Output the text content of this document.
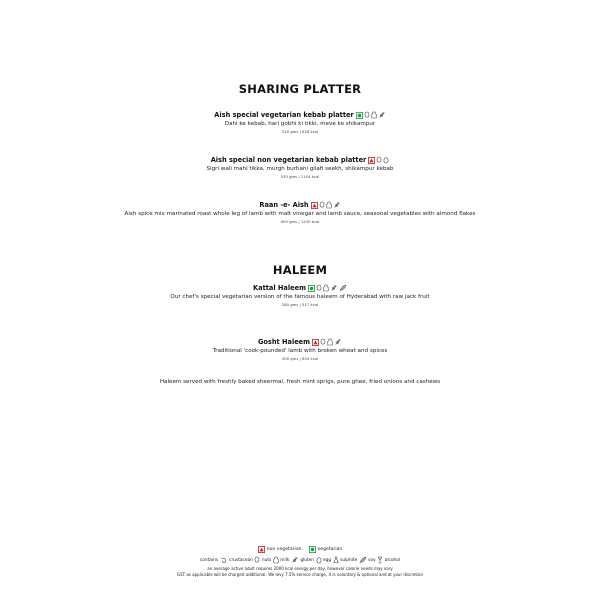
SHARING PLATTER
Aish special vegetarian kebab platter
Dahi ke kebab, hari gobhi ki tikki, meve ke shikampur
520 gms | 626 kcal
Aish special non vegetarian kebab platter
Sigri wali mahi tikka, murgh burhani gilafi seekh, shikampur kebab
530 gms | 1104 kcal
Raan -e- Aish
Aish spice mix marinated roast whole leg of lamb with malt vinegar and lamb sauce, seasonal vegetables with almond flakes
900 gms | 1230 kcal
HALEEM
Kattal Haleem
Our chef's special vegetarian version of the famous haleem of Hyderabad with raw jack fruit
280 gms | 517 kcal
Gosht Haleem
Traditional 'cook-pounded' lamb with broken wheat and spices
300 gms | 654 kcal
Haleem served with freshly baked sheermal, fresh mint sprigs, pure ghee, fried onions and cashews
non vegetarian	vegetarian
contains	crustacean nuts milk	gluten egg sulphite	soy alcohol
an average active adult requires 2000 kcal energy per day, however calorie needs may vary
GST as applicable will be charged additional. We levy 7.5% service charge, it is voluntary & optional and at your discretion
